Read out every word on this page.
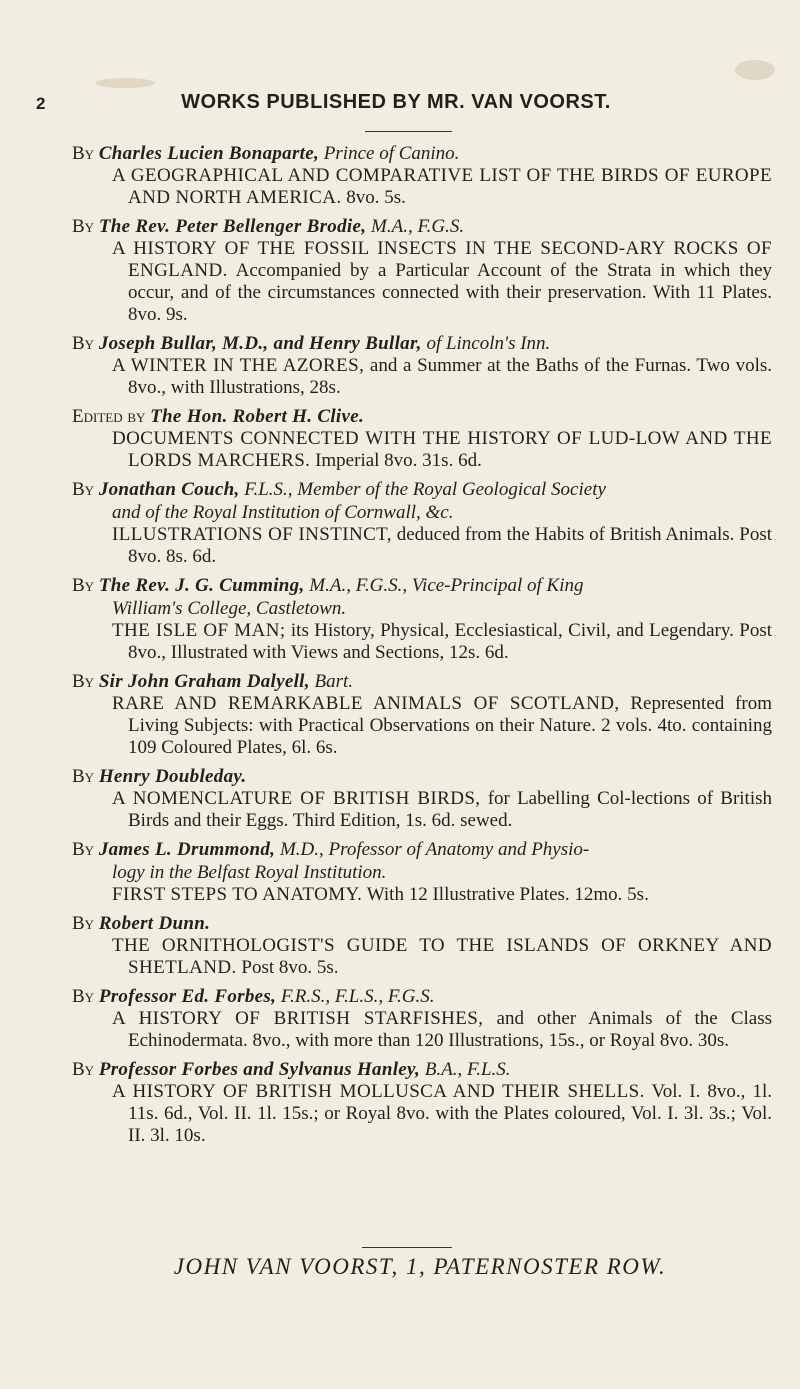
2	WORKS PUBLISHED BY MR. VAN VOORST.
By Charles Lucien Bonaparte, Prince of Canino.
A GEOGRAPHICAL AND COMPARATIVE LIST OF THE BIRDS OF EUROPE AND NORTH AMERICA. 8vo. 5s.
By The Rev. Peter Bellenger Brodie, M.A., F.G.S.
A HISTORY OF THE FOSSIL INSECTS IN THE SECOND-ARY ROCKS OF ENGLAND. Accompanied by a Particular Account of the Strata in which they occur, and of the circumstances connected with their preservation. With 11 Plates. 8vo. 9s.
By Joseph Bullar, M.D., and Henry Bullar, of Lincoln's Inn.
A WINTER IN THE AZORES, and a Summer at the Baths of the Furnas. Two vols. 8vo., with Illustrations, 28s.
Edited by The Hon. Robert H. Clive.
DOCUMENTS CONNECTED WITH THE HISTORY OF LUD-LOW AND THE LORDS MARCHERS. Imperial 8vo. 31s. 6d.
By Jonathan Couch, F.L.S., Member of the Royal Geological Society
and of the Royal Institution of Cornwall, &c.
ILLUSTRATIONS OF INSTINCT, deduced from the Habits of British Animals. Post 8vo. 8s. 6d.
By The Rev. J. G. Cumming, M.A., F.G.S., Vice-Principal of King
William's College, Castletown.
THE ISLE OF MAN; its History, Physical, Ecclesiastical, Civil, and Legendary. Post 8vo., Illustrated with Views and Sections, 12s. 6d.
By Sir John Graham Dalyell, Bart.
RARE AND REMARKABLE ANIMALS OF SCOTLAND, Represented from Living Subjects: with Practical Observations on their Nature. 2 vols. 4to. containing 109 Coloured Plates, 6l. 6s.
By Henry Doubleday.
A NOMENCLATURE OF BRITISH BIRDS, for Labelling Col-lections of British Birds and their Eggs. Third Edition, 1s. 6d. sewed.
By James L. Drummond, M.D., Professor of Anatomy and Physio-
logy in the Belfast Royal Institution.
FIRST STEPS TO ANATOMY. With 12 Illustrative Plates. 12mo. 5s.
By Robert Dunn.
THE ORNITHOLOGIST'S GUIDE TO THE ISLANDS OF ORKNEY AND SHETLAND. Post 8vo. 5s.
By Professor Ed. Forbes, F.R.S., F.L.S., F.G.S.
A HISTORY OF BRITISH STARFISHES, and other Animals of the Class Echinodermata. 8vo., with more than 120 Illustrations, 15s., or Royal 8vo. 30s.
By Professor Forbes and Sylvanus Hanley, B.A., F.L.S.
A HISTORY OF BRITISH MOLLUSCA AND THEIR SHELLS. Vol. I. 8vo., 1l. 11s. 6d., Vol. II. 1l. 15s.; or Royal 8vo. with the Plates coloured, Vol. I. 3l. 3s.; Vol. II. 3l. 10s.
JOHN VAN VOORST, 1, PATERNOSTER ROW.
